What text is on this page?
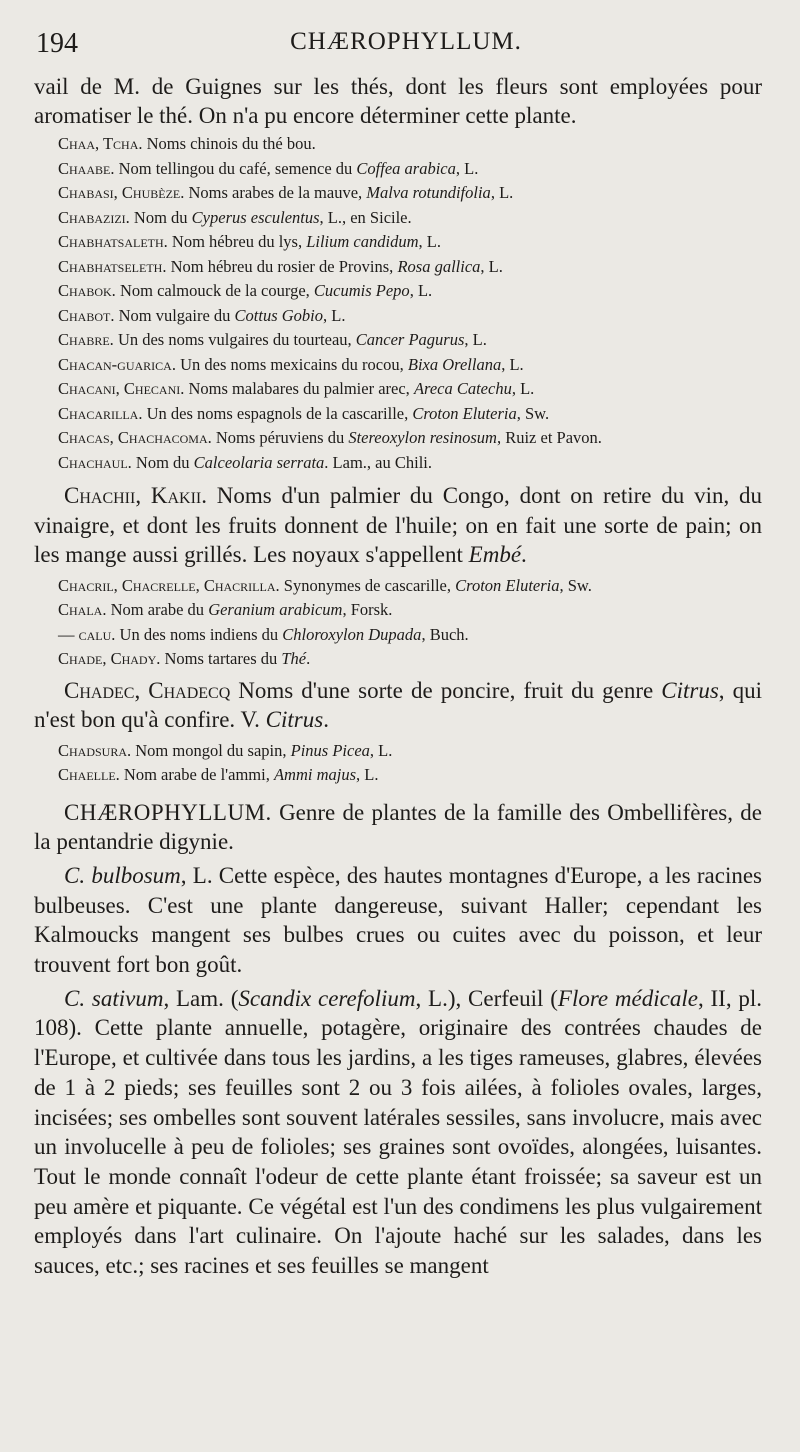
194	CHÆROPHYLLUM.

vail de M. de Guignes sur les thés, dont les fleurs sont employées pour aromatiser le thé. On n'a pu encore déterminer cette plante.

Chaa, Tcha. Noms chinois du thé bou.

Chaabe. Nom tellingou du café, semence du Coffea arabica, L.

Chabasi, Chubèze. Noms arabes de la mauve, Malva rotundifolia, L.

Chabazizi. Nom du Cyperus esculentus, L., en Sicile.

Chabhatsaleth. Nom hébreu du lys, Lilium candidum, L.

Chabhatseleth. Nom hébreu du rosier de Provins, Rosa gallica, L.

Chabok. Nom calmouck de la courge, Cucumis Pepo, L.

Chabot. Nom vulgaire du Cottus Gobio, L.

Chabre. Un des noms vulgaires du tourteau, Cancer Pagurus, L.

Chacan-guarica. Un des noms mexicains du rocou, Bixa Orellana, L.

Chacani, Checani. Noms malabares du palmier arec, Areca Catechu, L.

Chacarilla. Un des noms espagnols de la cascarille, Croton Eluteria, Sw.

Chacas, Chachacoma. Noms péruviens du Stereoxylon resinosum, Ruiz et Pavon.

Chachaul. Nom du Calceolaria serrata. Lam., au Chili.

Chachii, Kakii. Noms d'un palmier du Congo, dont on retire du vin, du vinaigre, et dont les fruits donnent de l'huile; on en fait une sorte de pain; on les mange aussi grillés. Les noyaux s'appellent Embé.

Chacril, Chacrelle, Chacrilla. Synonymes de cascarille, Croton Eluteria, Sw.

Chala. Nom arabe du Geranium arabicum, Forsk.

— calu. Un des noms indiens du Chloroxylon Dupada, Buch.

Chade, Chady. Noms tartares du Thé.

Chadec, Chadecq Noms d'une sorte de poncire, fruit du genre Citrus, qui n'est bon qu'à confire. V. Citrus.

Chadsura. Nom mongol du sapin, Pinus Picea, L.

Chaelle. Nom arabe de l'ammi, Ammi majus, L.

CHÆROPHYLLUM. Genre de plantes de la famille des Ombellifères, de la pentandrie digynie.

C. bulbosum, L. Cette espèce, des hautes montagnes d'Europe, a les racines bulbeuses. C'est une plante dangereuse, suivant Haller; cependant les Kalmoucks mangent ses bulbes crues ou cuites avec du poisson, et leur trouvent fort bon goût.

C. sativum, Lam. (Scandix cerefolium, L.), Cerfeuil (Flore médicale, II, pl. 108). Cette plante annuelle, potagère, originaire des contrées chaudes de l'Europe, et cultivée dans tous les jardins, a les tiges rameuses, glabres, élevées de 1 à 2 pieds; ses feuilles sont 2 ou 3 fois ailées, à folioles ovales, larges, incisées; ses ombelles sont souvent latérales sessiles, sans involucre, mais avec un involucelle à peu de folioles; ses graines sont ovoïdes, alongées, luisantes. Tout le monde connaît l'odeur de cette plante étant froissée; sa saveur est un peu amère et piquante. Ce végétal est l'un des condimens les plus vulgairement employés dans l'art culinaire. On l'ajoute haché sur les salades, dans les sauces, etc.; ses racines et ses feuilles se mangent
